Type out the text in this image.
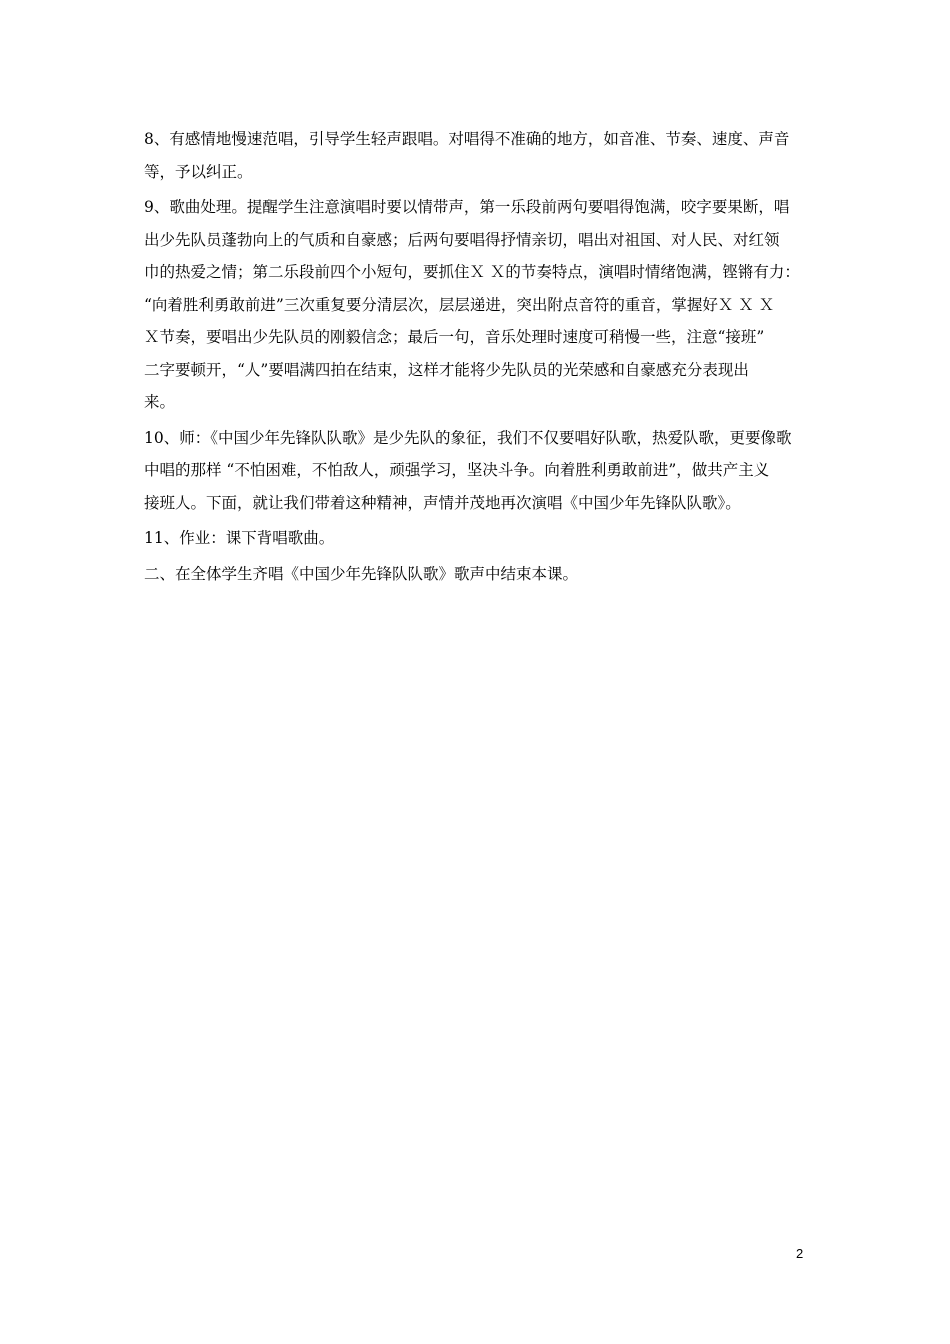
8、有感情地慢速范唱，引导学生轻声跟唱。对唱得不准确的地方，如音准、节奏、速度、声音
等，予以纠正。

9、歌曲处理。提醒学生注意演唱时要以情带声，第一乐段前两句要唱得饱满，咬字要果断，唱
出少先队员蓬勃向上的气质和自豪感；后两句要唱得抒情亲切，唱出对祖国、对人民、对红领
巾的热爱之情；第二乐段前四个小短句，要抓住Ｘ Ｘ的节奏特点，演唱时情绪饱满，铿锵有力：
“向着胜利勇敢前进”三次重复要分清层次，层层递进，突出附点音符的重音，掌握好Ｘ Ｘ Ｘ
Ｘ节奏，要唱出少先队员的刚毅信念；最后一句，音乐处理时速度可稍慢一些，注意“接班”
二字要顿开，“人”要唱满四拍在结束，这样才能将少先队员的光荣感和自豪感充分表现出
来。

10、师：《中国少年先锋队队歌》是少先队的象征，我们不仅要唱好队歌，热爱队歌，更要像歌
中唱的那样 “不怕困难，不怕敌人，顽强学习，坚决斗争。向着胜利勇敢前进”，做共产主义
接班人。下面，就让我们带着这种精神，声情并茂地再次演唱《中国少年先锋队队歌》。

11、作业：课下背唱歌曲。

二、在全体学生齐唱《中国少年先锋队队歌》歌声中结束本课。

2
